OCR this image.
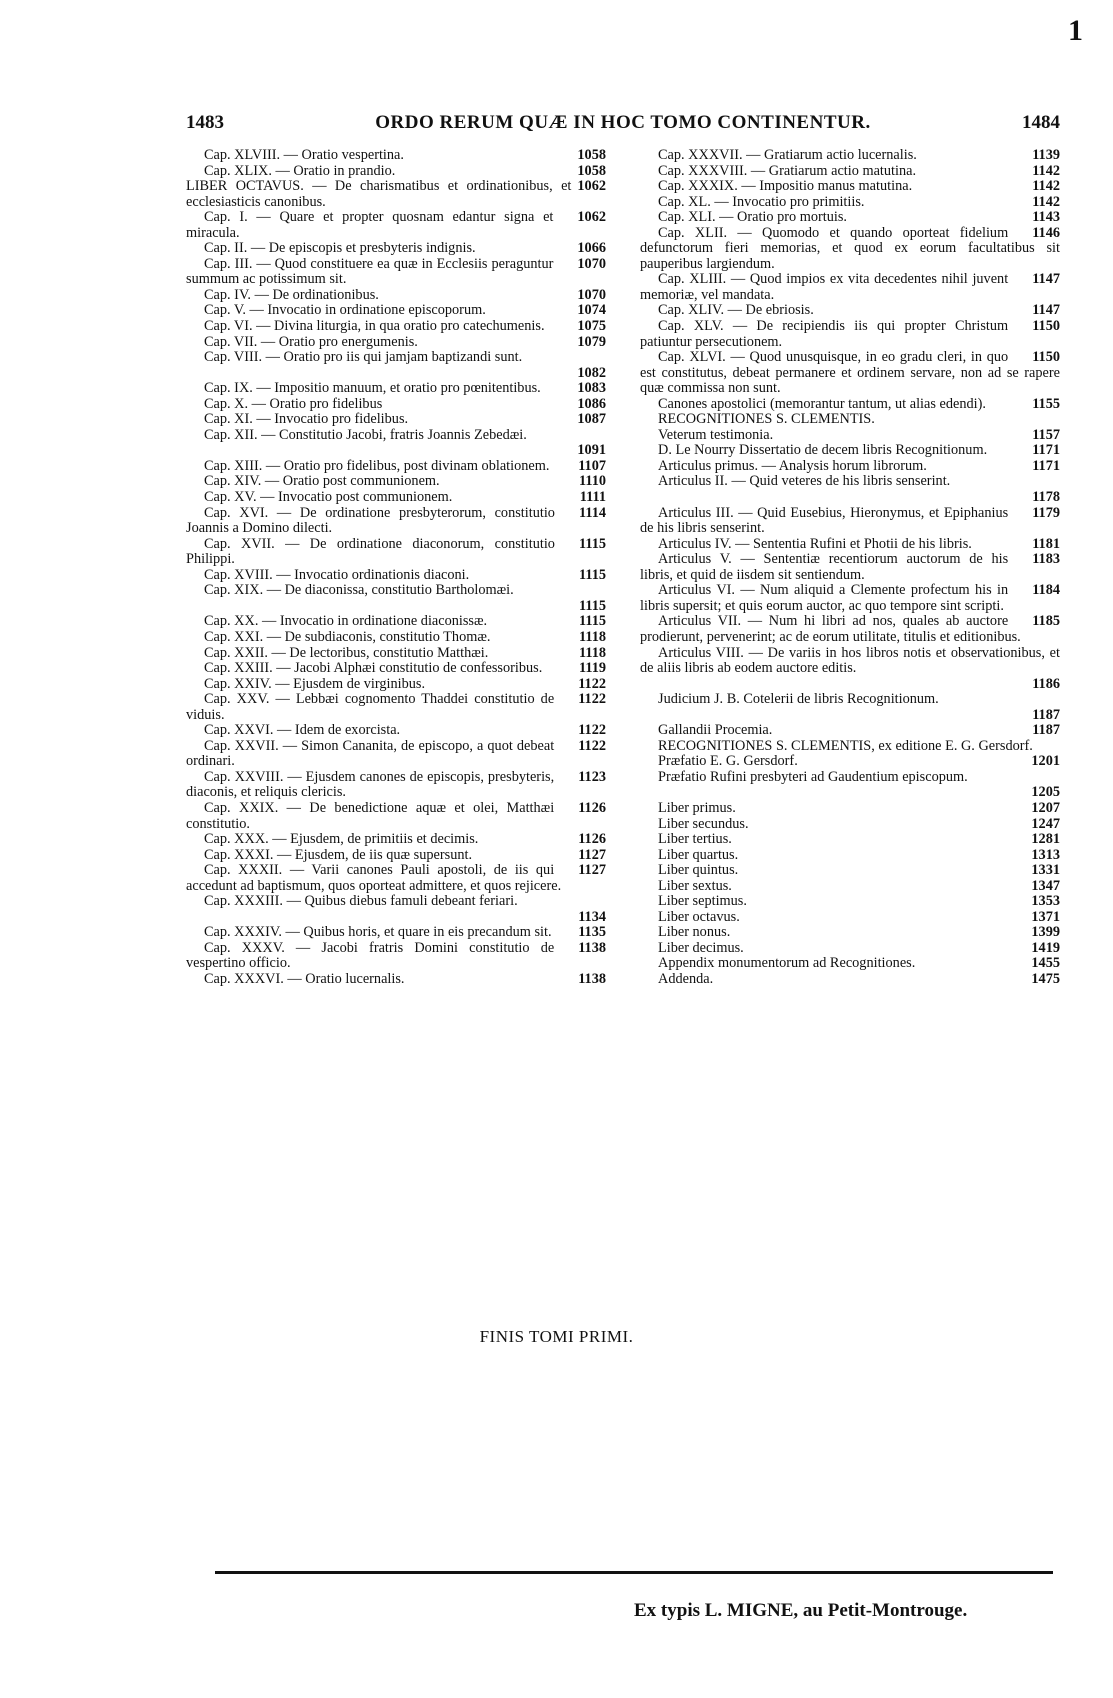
1
1483	ORDO RERUM QUÆ IN HOC TOMO CONTINENTUR.	1484

1058
Cap. XLVIII. — Oratio vespertina.

1058
Cap. XLIX. — Oratio in prandio.

1062
LIBER OCTAVUS. — De charismatibus et ordinationibus, et ecclesiasticis canonibus.

1062
Cap. I. — Quare et propter quosnam edantur signa et miracula.

1066
Cap. II. — De episcopis et presbyteris indignis.

1070
Cap. III. — Quod constituere ea quæ in Ecclesiis peraguntur summum ac potissimum sit.

1070
Cap. IV. — De ordinationibus.

1074
Cap. V. — Invocatio in ordinatione episcoporum.

1075
Cap. VI. — Divina liturgia, in qua oratio pro catechumenis.

1079
Cap. VII. — Oratio pro energumenis.

Cap. VIII. — Oratio pro iis qui jamjam baptizandi sunt.
1082

1083
Cap. IX. — Impositio manuum, et oratio pro pœnitentibus.

1086
Cap. X. — Oratio pro fidelibus

1087
Cap. XI. — Invocatio pro fidelibus.

Cap. XII. — Constitutio Jacobi, fratris Joannis Zebedæi.
1091

1107
Cap. XIII. — Oratio pro fidelibus, post divinam oblationem.

1110
Cap. XIV. — Oratio post communionem.

1111
Cap. XV. — Invocatio post communionem.

1114
Cap. XVI. — De ordinatione presbyterorum, constitutio Joannis a Domino dilecti.

1115
Cap. XVII. — De ordinatione diaconorum, constitutio Philippi.

1115
Cap. XVIII. — Invocatio ordinationis diaconi.

Cap. XIX. — De diaconissa, constitutio Bartholomæi.
1115

1115
Cap. XX. — Invocatio in ordinatione diaconissæ.

1118
Cap. XXI. — De subdiaconis, constitutio Thomæ.

1118
Cap. XXII. — De lectoribus, constitutio Matthæi.

1119
Cap. XXIII. — Jacobi Alphæi constitutio de confessoribus.

1122
Cap. XXIV. — Ejusdem de virginibus.

1122
Cap. XXV. — Lebbæi cognomento Thaddei constitutio de viduis.

1122
Cap. XXVI. — Idem de exorcista.

1122
Cap. XXVII. — Simon Cananita, de episcopo, a quot debeat ordinari.

1123
Cap. XXVIII. — Ejusdem canones de episcopis, presbyteris, diaconis, et reliquis clericis.

1126
Cap. XXIX. — De benedictione aquæ et olei, Matthæi constitutio.

1126
Cap. XXX. — Ejusdem, de primitiis et decimis.

1127
Cap. XXXI. — Ejusdem, de iis quæ supersunt.

1127
Cap. XXXII. — Varii canones Pauli apostoli, de iis qui accedunt ad baptismum, quos oporteat admittere, et quos rejicere.

Cap. XXXIII. — Quibus diebus famuli debeant feriari.
1134

1135
Cap. XXXIV. — Quibus horis, et quare in eis precandum sit.

1138
Cap. XXXV. — Jacobi fratris Domini constitutio de vespertino officio.

1138
Cap. XXXVI. — Oratio lucernalis.

1139
Cap. XXXVII. — Gratiarum actio lucernalis.

1142
Cap. XXXVIII. — Gratiarum actio matutina.

1142
Cap. XXXIX. — Impositio manus matutina.

1142
Cap. XL. — Invocatio pro primitiis.

1143
Cap. XLI. — Oratio pro mortuis.

1146
Cap. XLII. — Quomodo et quando oporteat fidelium defunctorum fieri memorias, et quod ex eorum facultatibus sit pauperibus largiendum.

1147
Cap. XLIII. — Quod impios ex vita decedentes nihil juvent memoriæ, vel mandata.

1147
Cap. XLIV. — De ebriosis.

1150
Cap. XLV. — De recipiendis iis qui propter Christum patiuntur persecutionem.

1150
Cap. XLVI. — Quod unusquisque, in eo gradu cleri, in quo est constitutus, debeat permanere et ordinem servare, non ad se rapere quæ commissa non sunt.

1155
Canones apostolici (memorantur tantum, ut alias edendi).

RECOGNITIONES S. CLEMENTIS.

1157
Veterum testimonia.

1171
D. Le Nourry Dissertatio de decem libris Recognitionum.

1171
Articulus primus. — Analysis horum librorum.

Articulus II. — Quid veteres de his libris senserint.
1178

1179
Articulus III. — Quid Eusebius, Hieronymus, et Epiphanius de his libris senserint.

1181
Articulus IV. — Sententia Rufini et Photii de his libris.

1183
Articulus V. — Sententiæ recentiorum auctorum de his libris, et quid de iisdem sit sentiendum.

1184
Articulus VI. — Num aliquid a Clemente profectum his in libris supersit; et quis eorum auctor, ac quo tempore sint scripti.

1185
Articulus VII. — Num hi libri ad nos, quales ab auctore prodierunt, pervenerint; ac de eorum utilitate, titulis et editionibus.

Articulus VIII. — De variis in hos libros notis et observationibus, et de aliis libris ab eodem auctore editis.
1186

Judicium J. B. Cotelerii de libris Recognitionum.
1187

1187
Gallandii Procemia.

RECOGNITIONES S. CLEMENTIS, ex editione E. G. Gersdorf.

1201
Præfatio E. G. Gersdorf.

Præfatio Rufini presbyteri ad Gaudentium episcopum.
1205

1207
Liber primus.

1247
Liber secundus.

1281
Liber tertius.

1313
Liber quartus.

1331
Liber quintus.

1347
Liber sextus.

1353
Liber septimus.

1371
Liber octavus.

1399
Liber nonus.

1419
Liber decimus.

1455
Appendix monumentorum ad Recognitiones.

1475
Addenda.

FINIS TOMI PRIMI.
Ex typis L. MIGNE, au Petit-Montrouge.
